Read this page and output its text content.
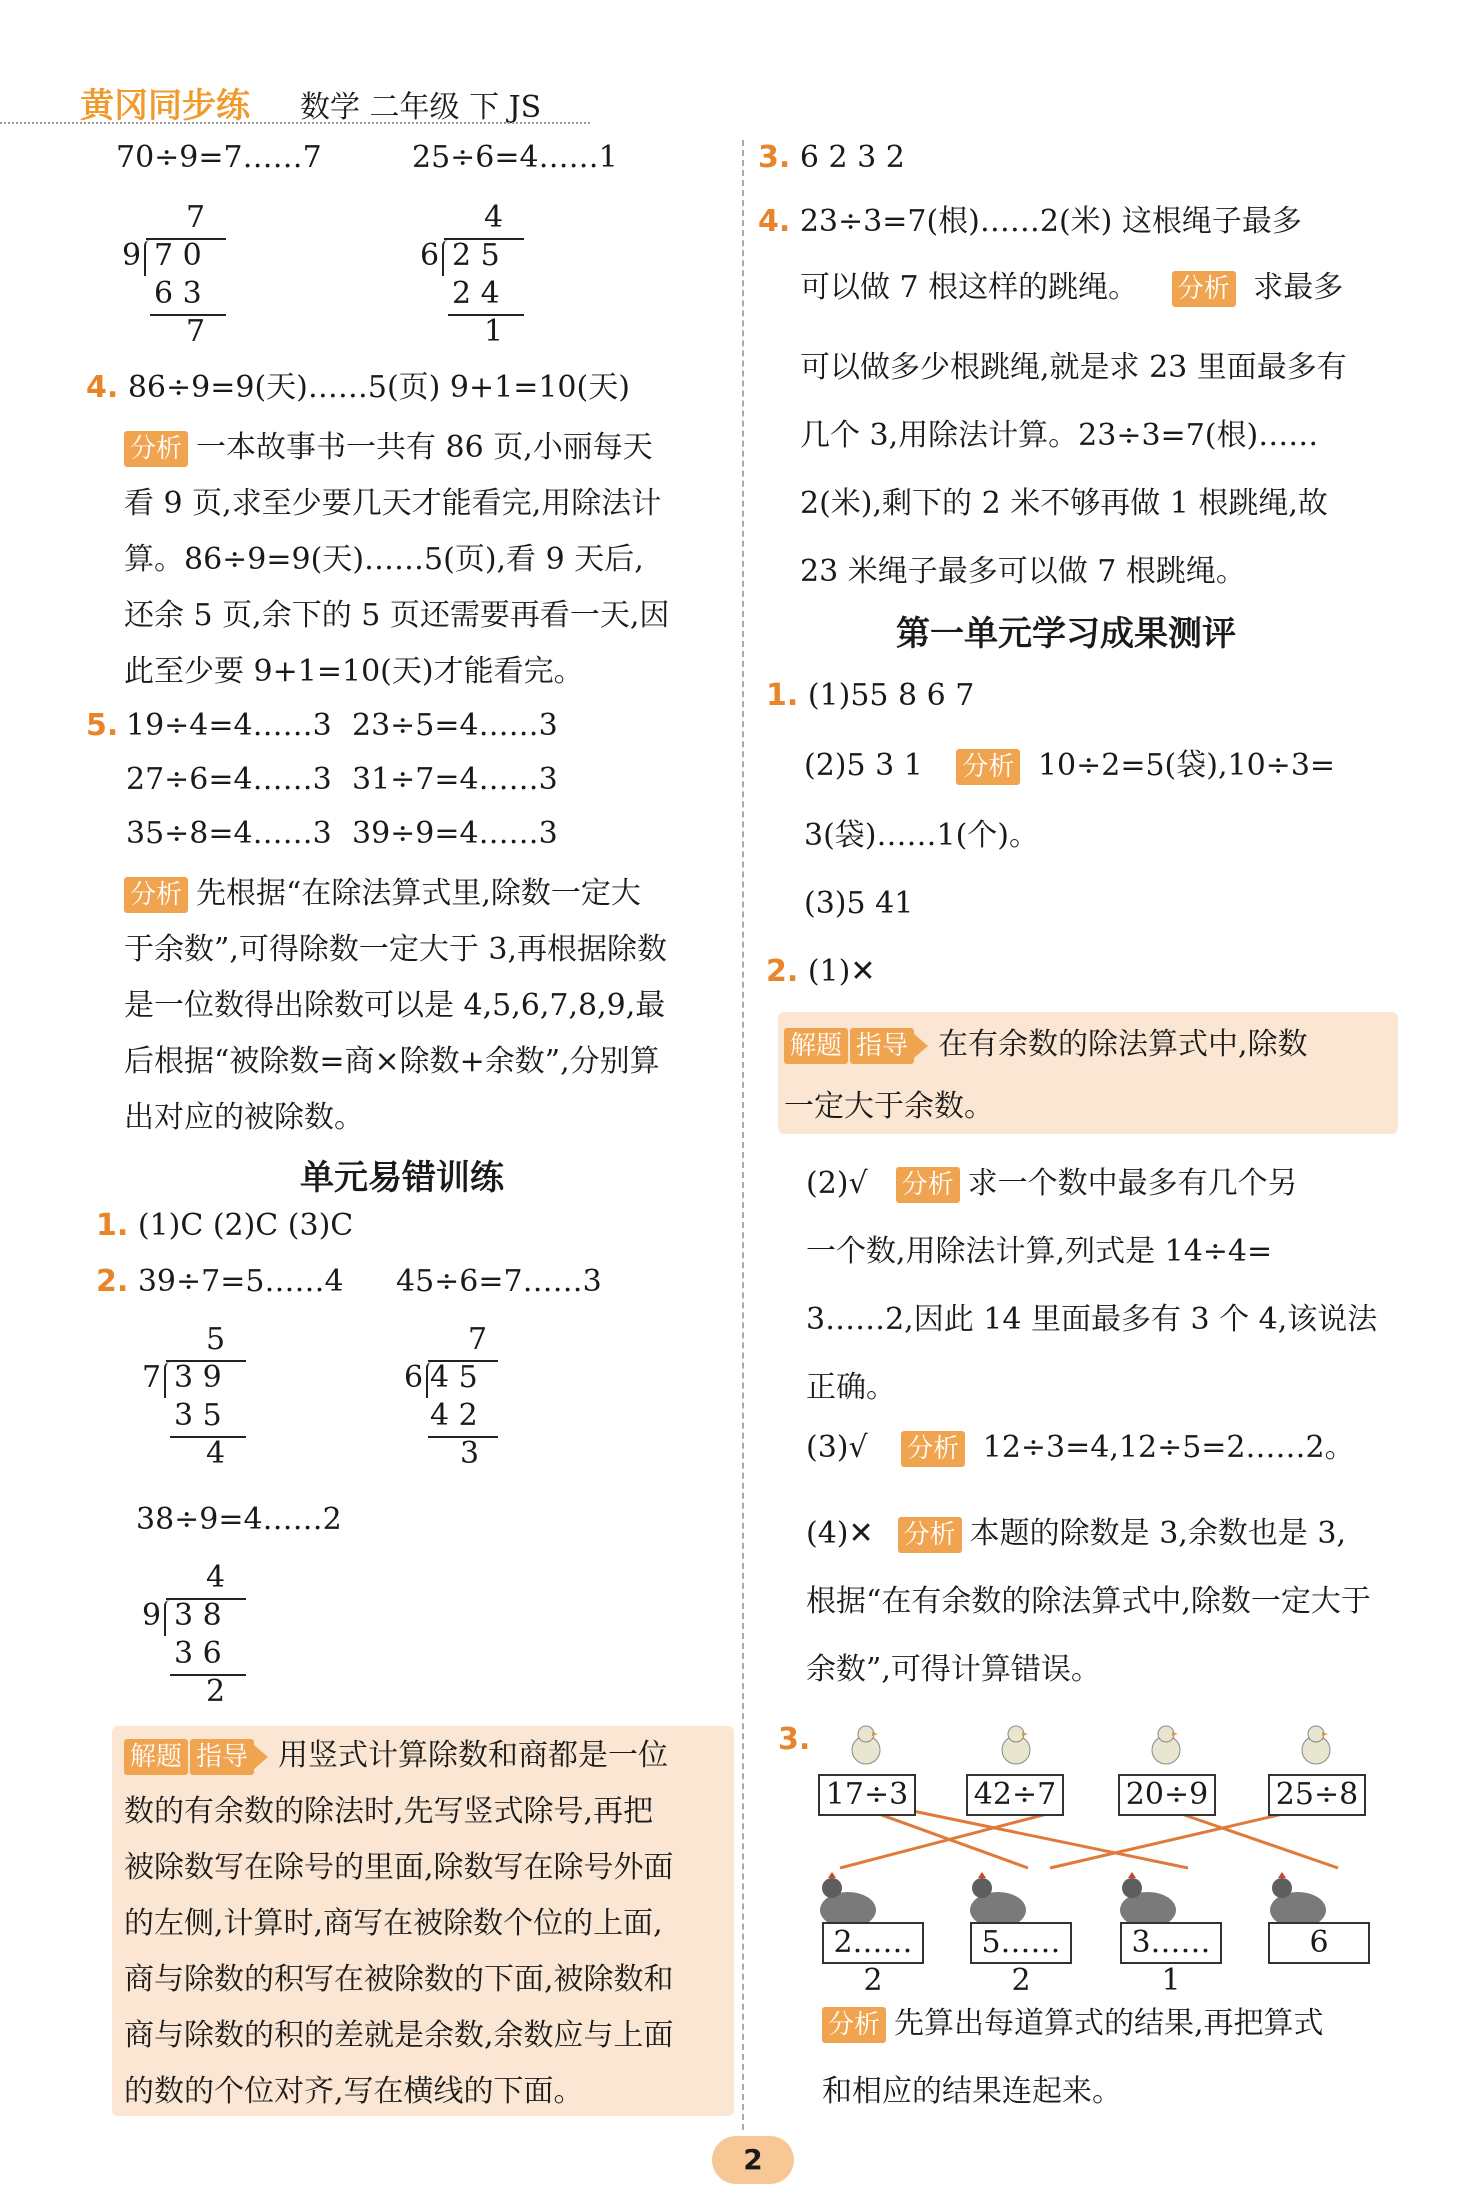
黄冈同步练 数学 二年级 下 JS
70÷9=7……7	25÷6=4……1
7
9 7 0
6 3
7
4
6 2 5
2 4
1
4. 86÷9=9(天)……5(页) 9+1=10(天)
分析 一本故事书一共有 86 页,小丽每天
看 9 页,求至少要几天才能看完,用除法计
算。86÷9=9(天)……5(页),看 9 天后,
还余 5 页,余下的 5 页还需要再看一天,因
此至少要 9+1=10(天)才能看完。
5. 19÷4=4……3 23÷5=4……3
27÷6=4……3 31÷7=4……3
35÷8=4……3 39÷9=4……3
分析 先根据“在除法算式里,除数一定大
于余数”,可得除数一定大于 3,再根据除数
是一位数得出除数可以是 4,5,6,7,8,9,最
后根据“被除数=商×除数+余数”,分别算
出对应的被除数。
单元易错训练
1. (1)C (2)C (3)C
2. 39÷7=5……4 45÷6=7……3
5
7 3 9
3 5
4
7
6 4 5
4 2
3
38÷9=4……2
4
9 3 8
3 6
2
解题 指导 用竖式计算除数和商都是一位
数的有余数的除法时,先写竖式除号,再把
被除数写在除号的里面,除数写在除号外面
的左侧,计算时,商写在被除数个位的上面,
商与除数的积写在被除数的下面,被除数和
商与除数的积的差就是余数,余数应与上面
的数的个位对齐,写在横线的下面。
3. 6 2 3 2
4. 23÷3=7(根)……2(米) 这根绳子最多
可以做 7 根这样的跳绳。 分析 求最多
可以做多少根跳绳,就是求 23 里面最多有
几个 3,用除法计算。23÷3=7(根)……
2(米),剩下的 2 米不够再做 1 根跳绳,故
23 米绳子最多可以做 7 根跳绳。
第一单元学习成果测评
1. (1)55 8 6 7
(2)5 3 1 分析 10÷2=5(袋),10÷3=
3(袋)……1(个)。
(3)5 41
2. (1)✕
解题 指导 在有余数的除法算式中,除数
一定大于余数。
(2)√ 分析 求一个数中最多有几个另
一个数,用除法计算,列式是 14÷4=
3……2,因此 14 里面最多有 3 个 4,该说法
正确。
(3)√ 分析 12÷3=4,12÷5=2……2。
(4)✕ 分析 本题的除数是 3,余数也是 3,
根据“在有余数的除法算式中,除数一定大于
余数”,可得计算错误。
3.
17÷3 42÷7 20÷9 25÷8
2……2
5……2
3……1
6
分析 先算出每道算式的结果,再把算式
和相应的结果连起来。
2
